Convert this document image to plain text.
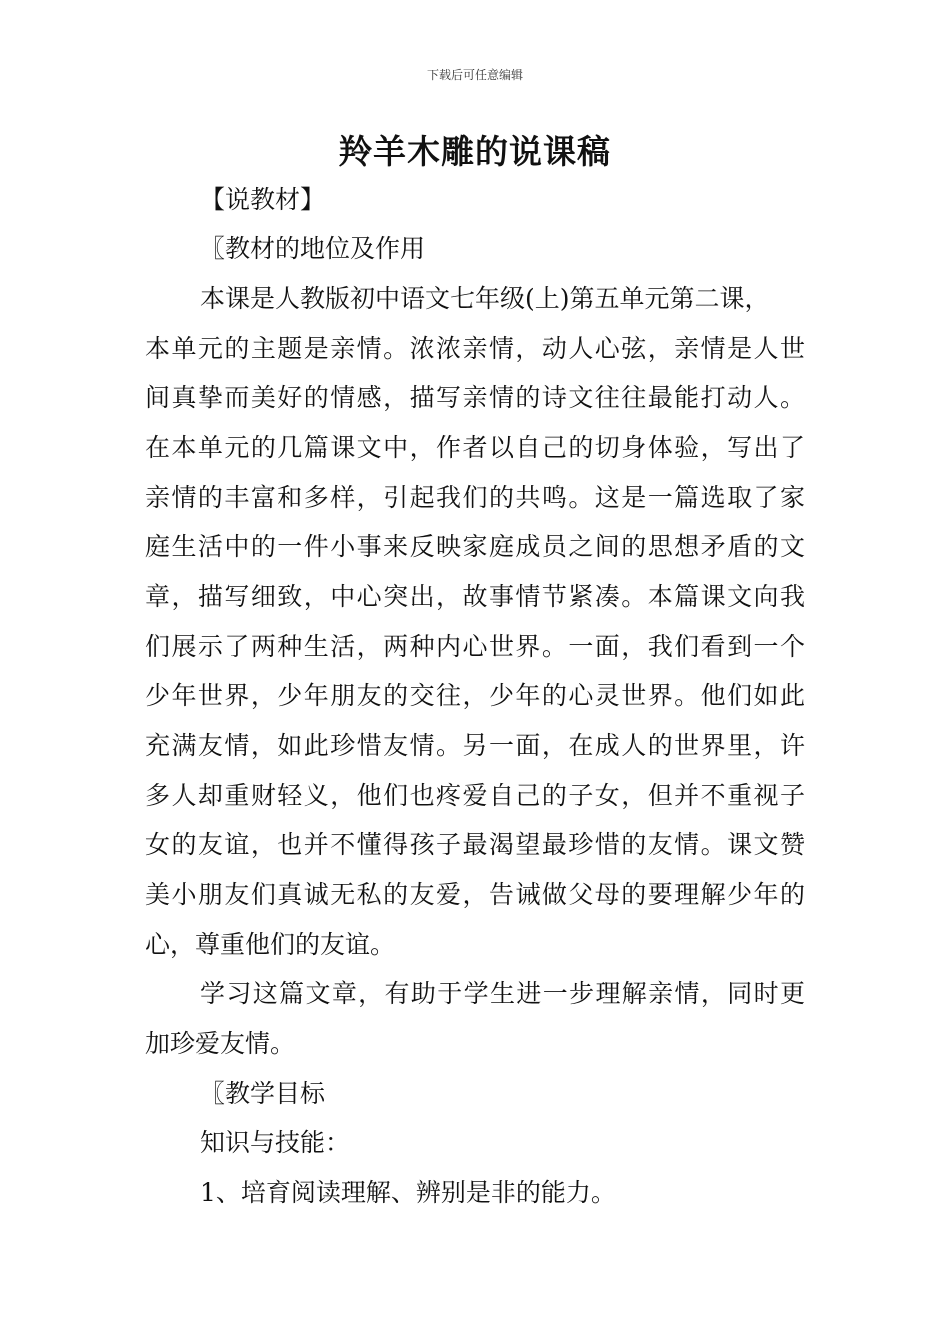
下载后可任意编辑
羚羊木雕的说课稿
【说教材】
〖教材的地位及作用
本课是人教版初中语文七年级(上)第五单元第二课，
本单元的主题是亲情。浓浓亲情，动人心弦，亲情是人世
间真挚而美好的情感，描写亲情的诗文往往最能打动人。
在本单元的几篇课文中，作者以自己的切身体验，写出了
亲情的丰富和多样，引起我们的共鸣。这是一篇选取了家
庭生活中的一件小事来反映家庭成员之间的思想矛盾的文
章，描写细致，中心突出，故事情节紧凑。本篇课文向我
们展示了两种生活，两种内心世界。一面，我们看到一个
少年世界，少年朋友的交往，少年的心灵世界。他们如此
充满友情，如此珍惜友情。另一面，在成人的世界里，许
多人却重财轻义，他们也疼爱自己的子女，但并不重视子
女的友谊，也并不懂得孩子最渴望最珍惜的友情。课文赞
美小朋友们真诚无私的友爱，告诫做父母的要理解少年的
心，尊重他们的友谊。
学习这篇文章，有助于学生进一步理解亲情，同时更
加珍爱友情。
〖教学目标
知识与技能：
1、培育阅读理解、辨别是非的能力。
